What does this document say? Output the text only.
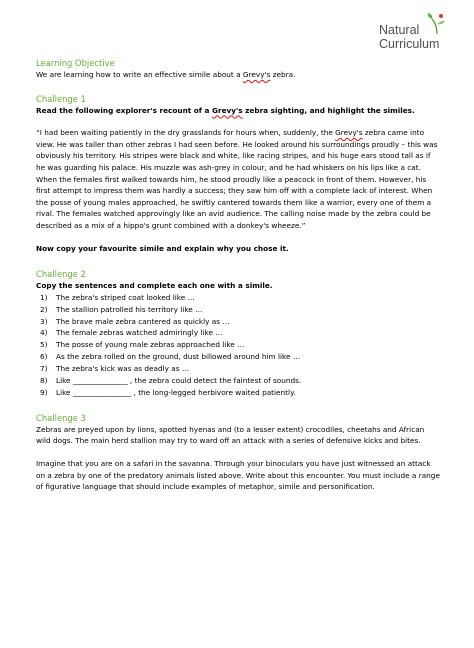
Natural
Curriculum

Learning Objective

We are learning how to write an effective simile about a Grevy's zebra.

Challenge 1

Read the following explorer's recount of a Grevy's zebra sighting, and highlight the similes.

“I had been waiting patiently in the dry grasslands for hours when, suddenly, the Grevy's zebra came into view. He was taller than other zebras I had seen before. He looked around his surroundings proudly – this was obviously his territory. His stripes were black and white, like racing stripes, and his huge ears stood tall as if he was guarding his palace. His muzzle was ash-grey in colour, and he had whiskers on his lips like a cat. When the females first walked towards him, he stood proudly like a peacock in front of them. However, his first attempt to impress them was hardly a success; they saw him off with a complete lack of interest. When the posse of young males approached, he swiftly cantered towards them like a warrior, every one of them a rival. The females watched approvingly like an avid audience. The calling noise made by the zebra could be described as a mix of a hippo's grunt combined with a donkey's wheeze.”

Now copy your favourite simile and explain why you chose it.

Challenge 2

Copy the sentences and complete each one with a simile.

1) The zebra's striped coat looked like …
2) The stallion patrolled his territory like …
3) The brave male zebra cantered as quickly as …
4) The female zebras watched admiringly like …
5) The posse of young male zebras approached like …
6) As the zebra rolled on the ground, dust billowed around him like …
7) The zebra's kick was as deadly as …
8) Like _______________ , the zebra could detect the faintest of sounds.
9) Like ________________ , the long-legged herbivore waited patiently.

Challenge 3

Zebras are preyed upon by lions, spotted hyenas and (to a lesser extent) crocodiles, cheetahs and African wild dogs. The main herd stallion may try to ward off an attack with a series of defensive kicks and bites.

Imagine that you are on a safari in the savanna. Through your binoculars you have just witnessed an attack on a zebra by one of the predatory animals listed above. Write about this encounter. You must include a range of figurative language that should include examples of metaphor, simile and personification.
